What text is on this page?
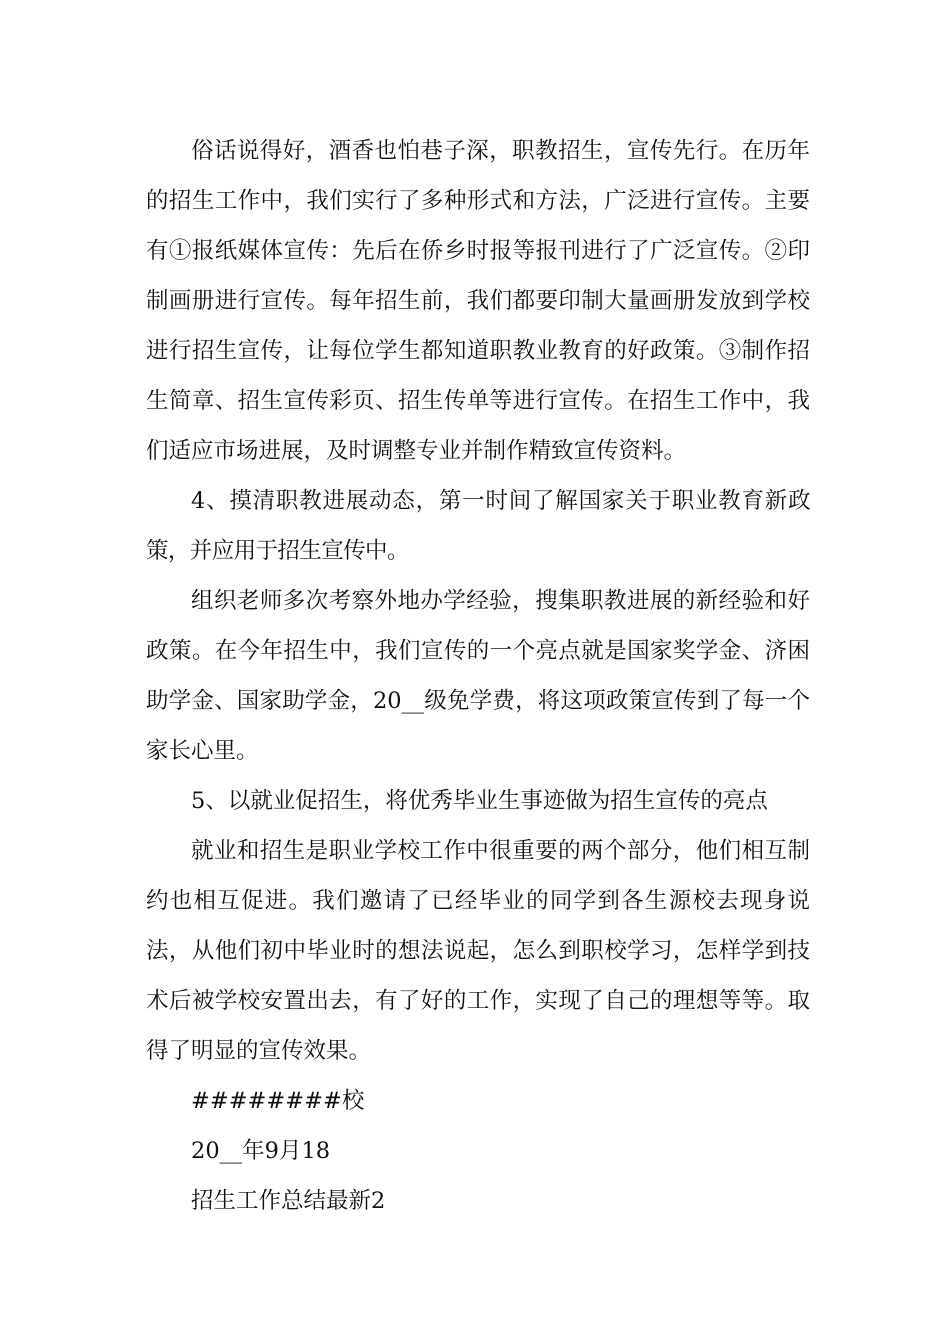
俗话说得好，酒香也怕巷子深，职教招生，宣传先行。在历年的招生工作中，我们实行了多种形式和方法，广泛进行宣传。主要有①报纸媒体宣传：先后在侨乡时报等报刊进行了广泛宣传。②印制画册进行宣传。每年招生前，我们都要印制大量画册发放到学校进行招生宣传，让每位学生都知道职教业教育的好政策。③制作招生简章、招生宣传彩页、招生传单等进行宣传。在招生工作中，我们适应市场进展，及时调整专业并制作精致宣传资料。

4、摸清职教进展动态，第一时间了解国家关于职业教育新政策，并应用于招生宣传中。

组织老师多次考察外地办学经验，搜集职教进展的新经验和好政策。在今年招生中，我们宣传的一个亮点就是国家奖学金、济困助学金、国家助学金，20__级免学费，将这项政策宣传到了每一个家长心里。

5、以就业促招生，将优秀毕业生事迹做为招生宣传的亮点

就业和招生是职业学校工作中很重要的两个部分，他们相互制约也相互促进。我们邀请了已经毕业的同学到各生源校去现身说法，从他们初中毕业时的想法说起，怎么到职校学习，怎样学到技术后被学校安置出去，有了好的工作，实现了自己的理想等等。取得了明显的宣传效果。

########校

20__年9月18

招生工作总结最新2
